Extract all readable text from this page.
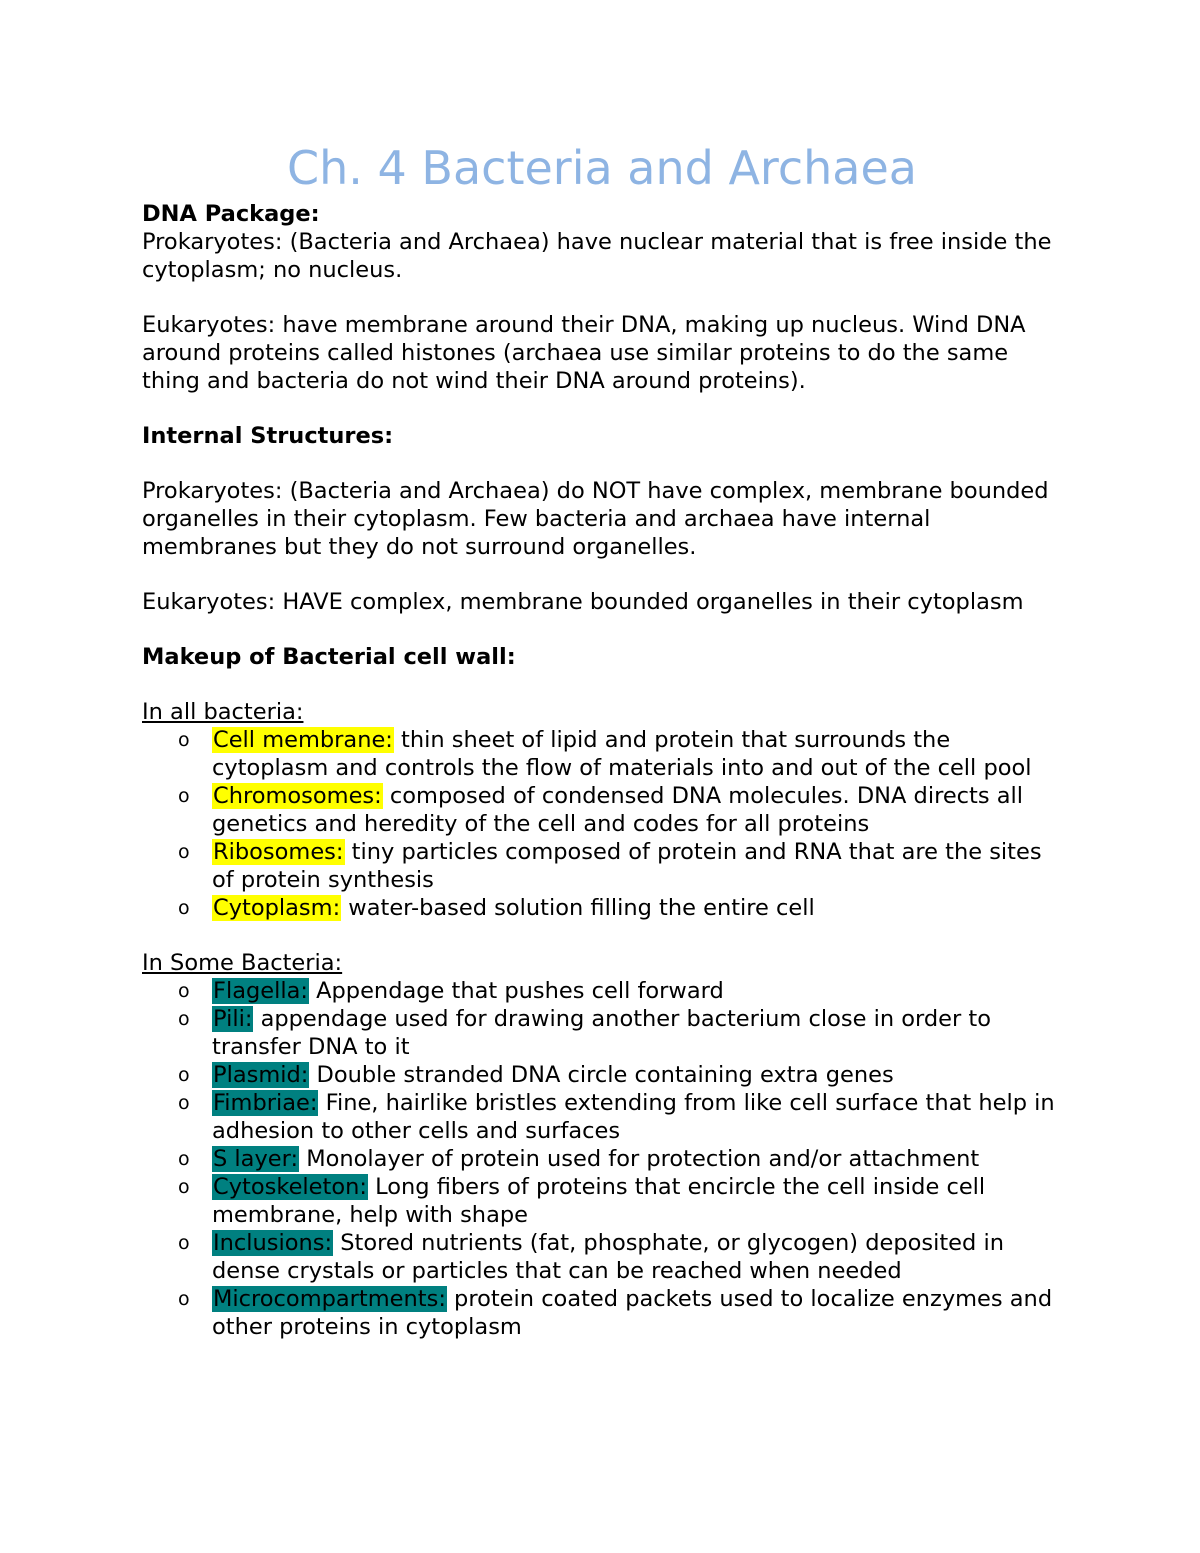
Ch. 4 Bacteria and Archaea

DNA Package:

Prokaryotes: (Bacteria and Archaea) have nuclear material that is free inside the cytoplasm; no nucleus.

Eukaryotes: have membrane around their DNA, making up nucleus. Wind DNA around proteins called histones (archaea use similar proteins to do the same thing and bacteria do not wind their DNA around proteins).

Internal Structures:

Prokaryotes: (Bacteria and Archaea) do NOT have complex, membrane bounded organelles in their cytoplasm. Few bacteria and archaea have internal membranes but they do not surround organelles.

Eukaryotes: HAVE complex, membrane bounded organelles in their cytoplasm

Makeup of Bacterial cell wall:

In all bacteria:

o Cell membrane: thin sheet of lipid and protein that surrounds the cytoplasm and controls the flow of materials into and out of the cell pool
o Chromosomes: composed of condensed DNA molecules. DNA directs all genetics and heredity of the cell and codes for all proteins
o Ribosomes: tiny particles composed of protein and RNA that are the sites of protein synthesis
o Cytoplasm: water-based solution filling the entire cell

In Some Bacteria:

o Flagella: Appendage that pushes cell forward
o Pili: appendage used for drawing another bacterium close in order to transfer DNA to it
o Plasmid: Double stranded DNA circle containing extra genes
o Fimbriae: Fine, hairlike bristles extending from like cell surface that help in adhesion to other cells and surfaces
o S layer: Monolayer of protein used for protection and/or attachment
o Cytoskeleton: Long fibers of proteins that encircle the cell inside cell membrane, help with shape
o Inclusions: Stored nutrients (fat, phosphate, or glycogen) deposited in dense crystals or particles that can be reached when needed
o Microcompartments: protein coated packets used to localize enzymes and other proteins in cytoplasm
